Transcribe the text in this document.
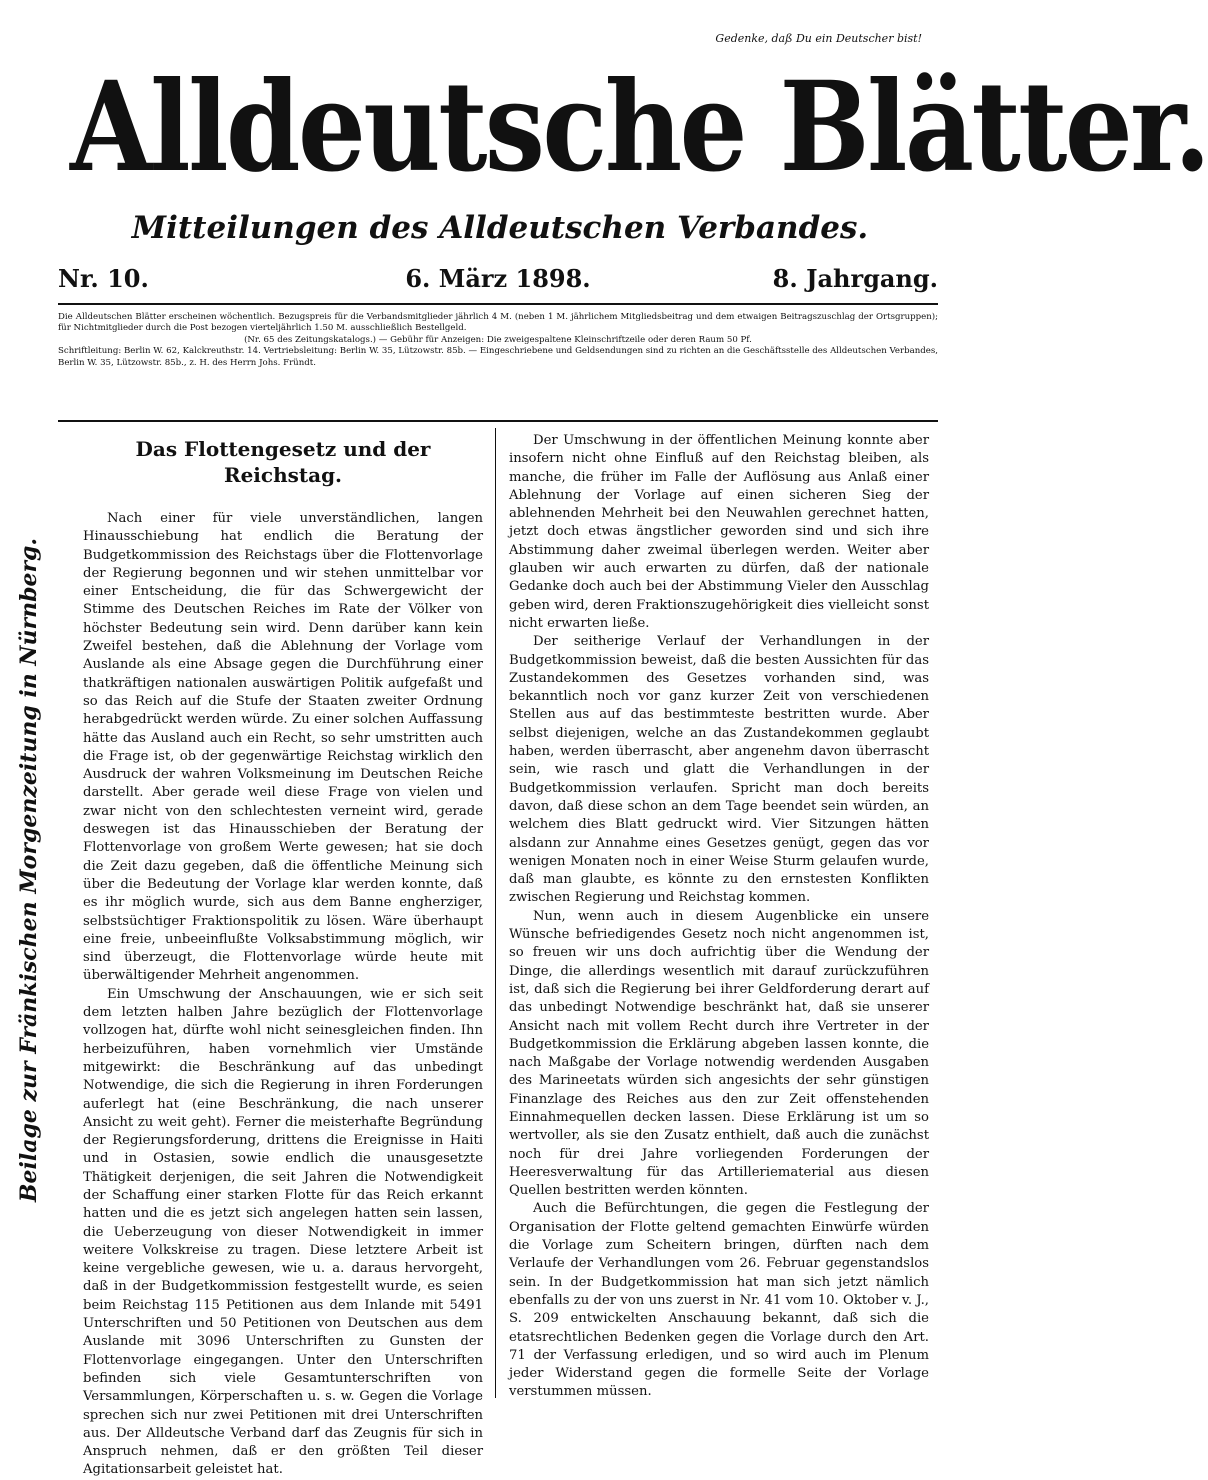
Gedenke, daß Du ein Deutscher bist!
Alldeutsche Blätter.
Mitteilungen des Alldeutschen Verbandes.
Nr. 10.	6. März 1898.	8. Jahrgang.

Die Alldeutschen Blätter erscheinen wöchentlich. Bezugspreis für die Verbandsmitglieder jährlich 4 M. (neben 1 M. jährlichem Mitgliedsbeitrag und dem etwaigen Beitragszuschlag der Ortsgruppen); für Nichtmitglieder durch die Post bezogen vierteljährlich 1.50 M. ausschließlich Bestellgeld.

(Nr. 65 des Zeitungskatalogs.) — Gebühr für Anzeigen: Die zweigespaltene Kleinschriftzeile oder deren Raum 50 Pf.

Schriftleitung: Berlin W. 62, Kalckreuthstr. 14. Vertriebsleitung: Berlin W. 35, Lützowstr. 85b. — Eingeschriebene und Geldsendungen sind zu richten an die Geschäftsstelle des Alldeutschen Verbandes, Berlin W. 35, Lützowstr. 85b., z. H. des Herrn Johs. Fründt.

Beilage zur Fränkischen Morgenzeitung in Nürnberg.
Das Flottengesetz und der Reichstag.

Nach einer für viele unverständlichen, langen Hinausschiebung hat endlich die Beratung der Budgetkommission des Reichstags über die Flottenvorlage der Regierung begonnen und wir stehen unmittelbar vor einer Entscheidung, die für das Schwergewicht der Stimme des Deutschen Reiches im Rate der Völker von höchster Bedeutung sein wird. Denn darüber kann kein Zweifel bestehen, daß die Ablehnung der Vorlage vom Auslande als eine Absage gegen die Durchführung einer thatkräftigen nationalen auswärtigen Politik aufgefaßt und so das Reich auf die Stufe der Staaten zweiter Ordnung herabgedrückt werden würde. Zu einer solchen Auffassung hätte das Ausland auch ein Recht, so sehr umstritten auch die Frage ist, ob der gegenwärtige Reichstag wirklich den Ausdruck der wahren Volksmeinung im Deutschen Reiche darstellt. Aber gerade weil diese Frage von vielen und zwar nicht von den schlechtesten verneint wird, gerade deswegen ist das Hinausschieben der Beratung der Flottenvorlage von großem Werte gewesen; hat sie doch die Zeit dazu gegeben, daß die öffentliche Meinung sich über die Bedeutung der Vorlage klar werden konnte, daß es ihr möglich wurde, sich aus dem Banne engherziger, selbstsüchtiger Fraktionspolitik zu lösen. Wäre überhaupt eine freie, unbeeinflußte Volksabstimmung möglich, wir sind überzeugt, die Flottenvorlage würde heute mit überwältigender Mehrheit angenommen.

Ein Umschwung der Anschauungen, wie er sich seit dem letzten halben Jahre bezüglich der Flottenvorlage vollzogen hat, dürfte wohl nicht seinesgleichen finden. Ihn herbeizuführen, haben vornehmlich vier Umstände mitgewirkt: die Beschränkung auf das unbedingt Notwendige, die sich die Regierung in ihren Forderungen auferlegt hat (eine Beschränkung, die nach unserer Ansicht zu weit geht). Ferner die meisterhafte Begründung der Regierungsforderung, drittens die Ereignisse in Haiti und in Ostasien, sowie endlich die unausgesetzte Thätigkeit derjenigen, die seit Jahren die Notwendigkeit der Schaffung einer starken Flotte für das Reich erkannt hatten und die es jetzt sich angelegen hatten sein lassen, die Ueberzeugung von dieser Notwendigkeit in immer weitere Volkskreise zu tragen. Diese letztere Arbeit ist keine vergebliche gewesen, wie u. a. daraus hervorgeht, daß in der Budgetkommission festgestellt wurde, es seien beim Reichstag 115 Petitionen aus dem Inlande mit 5491 Unterschriften und 50 Petitionen von Deutschen aus dem Auslande mit 3096 Unterschriften zu Gunsten der Flottenvorlage eingegangen. Unter den Unterschriften befinden sich viele Gesamtunterschriften von Versammlungen, Körperschaften u. s. w. Gegen die Vorlage sprechen sich nur zwei Petitionen mit drei Unterschriften aus. Der Alldeutsche Verband darf das Zeugnis für sich in Anspruch nehmen, daß er den größten Teil dieser Agitationsarbeit geleistet hat.

Der Umschwung in der öffentlichen Meinung konnte aber insofern nicht ohne Einfluß auf den Reichstag bleiben, als manche, die früher im Falle der Auflösung aus Anlaß einer Ablehnung der Vorlage auf einen sicheren Sieg der ablehnenden Mehrheit bei den Neuwahlen gerechnet hatten, jetzt doch etwas ängstlicher geworden sind und sich ihre Abstimmung daher zweimal überlegen werden. Weiter aber glauben wir auch erwarten zu dürfen, daß der nationale Gedanke doch auch bei der Abstimmung Vieler den Ausschlag geben wird, deren Fraktionszugehörigkeit dies vielleicht sonst nicht erwarten ließe.

Der seitherige Verlauf der Verhandlungen in der Budgetkommission beweist, daß die besten Aussichten für das Zustandekommen des Gesetzes vorhanden sind, was bekanntlich noch vor ganz kurzer Zeit von verschiedenen Stellen aus auf das bestimmteste bestritten wurde. Aber selbst diejenigen, welche an das Zustandekommen geglaubt haben, werden überrascht, aber angenehm davon überrascht sein, wie rasch und glatt die Verhandlungen in der Budgetkommission verlaufen. Spricht man doch bereits davon, daß diese schon an dem Tage beendet sein würden, an welchem dies Blatt gedruckt wird. Vier Sitzungen hätten alsdann zur Annahme eines Gesetzes genügt, gegen das vor wenigen Monaten noch in einer Weise Sturm gelaufen wurde, daß man glaubte, es könnte zu den ernstesten Konflikten zwischen Regierung und Reichstag kommen.

Nun, wenn auch in diesem Augenblicke ein unsere Wünsche befriedigendes Gesetz noch nicht angenommen ist, so freuen wir uns doch aufrichtig über die Wendung der Dinge, die allerdings wesentlich mit darauf zurückzuführen ist, daß sich die Regierung bei ihrer Geldforderung derart auf das unbedingt Notwendige beschränkt hat, daß sie unserer Ansicht nach mit vollem Recht durch ihre Vertreter in der Budgetkommission die Erklärung abgeben lassen konnte, die nach Maßgabe der Vorlage notwendig werdenden Ausgaben des Marineetats würden sich angesichts der sehr günstigen Finanzlage des Reiches aus den zur Zeit offenstehenden Einnahmequellen decken lassen. Diese Erklärung ist um so wertvoller, als sie den Zusatz enthielt, daß auch die zunächst noch für drei Jahre vorliegenden Forderungen der Heeresverwaltung für das Artilleriematerial aus diesen Quellen bestritten werden könnten.

Auch die Befürchtungen, die gegen die Festlegung der Organisation der Flotte geltend gemachten Einwürfe würden die Vorlage zum Scheitern bringen, dürften nach dem Verlaufe der Verhandlungen vom 26. Februar gegenstandslos sein. In der Budgetkommission hat man sich jetzt nämlich ebenfalls zu der von uns zuerst in Nr. 41 vom 10. Oktober v. J., S. 209 entwickelten Anschauung bekannt, daß sich die etatsrechtlichen Bedenken gegen die Vorlage durch den Art. 71 der Verfassung erledigen, und so wird auch im Plenum jeder Widerstand gegen die formelle Seite der Vorlage verstummen müssen.
